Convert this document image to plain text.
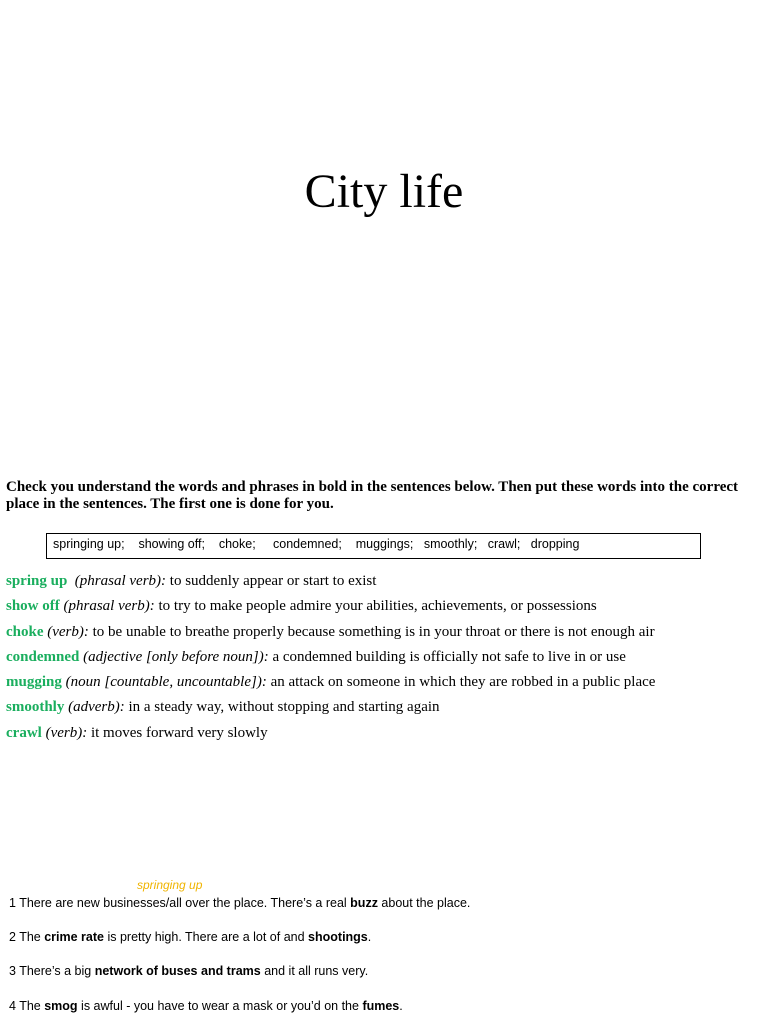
City life
Check you understand the words and phrases in bold in the sentences below. Then put these words into the correct place in the sentences. The first one is done for you.
springing up;    showing off;    choke;     condemned;    muggings;   smoothly;   crawl;   dropping
spring up (phrasal verb): to suddenly appear or start to exist
show off (phrasal verb): to try to make people admire your abilities, achievements, or possessions
choke (verb): to be unable to breathe properly because something is in your throat or there is not enough air
condemned (adjective [only before noun]): a condemned building is officially not safe to live in or use
mugging (noun [countable, uncountable]): an attack on someone in which they are robbed in a public place
smoothly (adverb): in a steady way, without stopping and starting again
crawl (verb): it moves forward very slowly
springing up
1 There are new businesses/all over the place. There’s a real buzz about the place.
2 The crime rate is pretty high. There are a lot of and shootings.
3 There’s a big network of buses and trams and it all runs very.
4 The smog is awful - you have to wear a mask or you’d on the fumes.
